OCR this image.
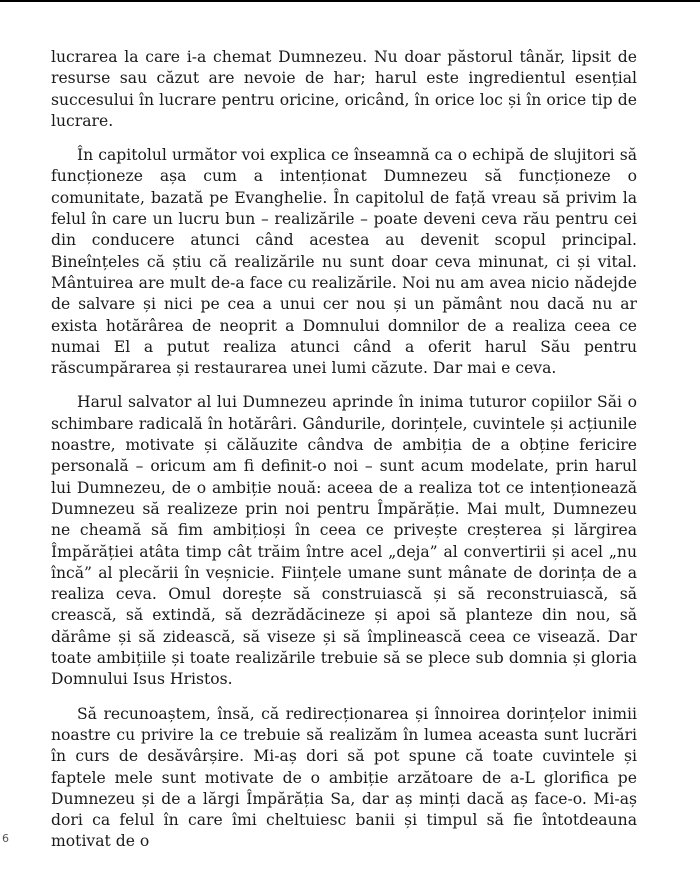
lucrarea la care i-a chemat Dumnezeu. Nu doar păstorul tânăr, lipsit de resurse sau căzut are nevoie de har; harul este ingredientul esențial succesului în lucrare pentru oricine, oricând, în orice loc și în orice tip de lucrare.

În capitolul următor voi explica ce înseamnă ca o echipă de slujitori să funcționeze așa cum a intenționat Dumnezeu să funcționeze o comunitate, bazată pe Evanghelie. În capitolul de față vreau să privim la felul în care un lucru bun – realizările – poate deveni ceva rău pentru cei din conducere atunci când acestea au devenit scopul principal. Bineînțeles că știu că realizările nu sunt doar ceva minunat, ci și vital. Mântuirea are mult de-a face cu realizările. Noi nu am avea nicio nădejde de salvare și nici pe cea a unui cer nou și un pământ nou dacă nu ar exista hotărârea de neoprit a Domnului domnilor de a realiza ceea ce numai El a putut realiza atunci când a oferit harul Său pentru răscumpărarea și restaurarea unei lumi căzute. Dar mai e ceva.

Harul salvator al lui Dumnezeu aprinde în inima tuturor copiilor Săi o schimbare radicală în hotărâri. Gândurile, dorințele, cuvintele și acțiunile noastre, motivate și călăuzite cândva de ambiția de a obține fericire personală – oricum am fi definit-o noi – sunt acum modelate, prin harul lui Dumnezeu, de o ambiție nouă: aceea de a realiza tot ce intenționează Dumnezeu să realizeze prin noi pentru Împărăție. Mai mult, Dumnezeu ne cheamă să fim ambițioși în ceea ce privește creșterea și lărgirea Împărăției atâta timp cât trăim între acel „deja” al convertirii și acel „nu încă” al plecării în veșnicie. Ființele umane sunt mânate de dorința de a realiza ceva. Omul dorește să construiască și să reconstruiască, să crească, să extindă, să dezrădăcineze și apoi să planteze din nou, să dărâme și să zidească, să viseze și să împlinească ceea ce visează. Dar toate ambițiile și toate realizările trebuie să se plece sub domnia și gloria Domnului Isus Hristos.

Să recunoaștem, însă, că redirecționarea și înnoirea dorințelor inimii noastre cu privire la ce trebuie să realizăm în lumea aceasta sunt lucrări în curs de desăvârșire. Mi-aș dori să pot spune că toate cuvintele și faptele mele sunt motivate de o ambiție arzătoare de a-L glorifica pe Dumnezeu și de a lărgi Împărăția Sa, dar aș minți dacă aș face-o. Mi-aș dori ca felul în care îmi cheltuiesc banii și timpul să fie întotdeauna motivat de o

6
